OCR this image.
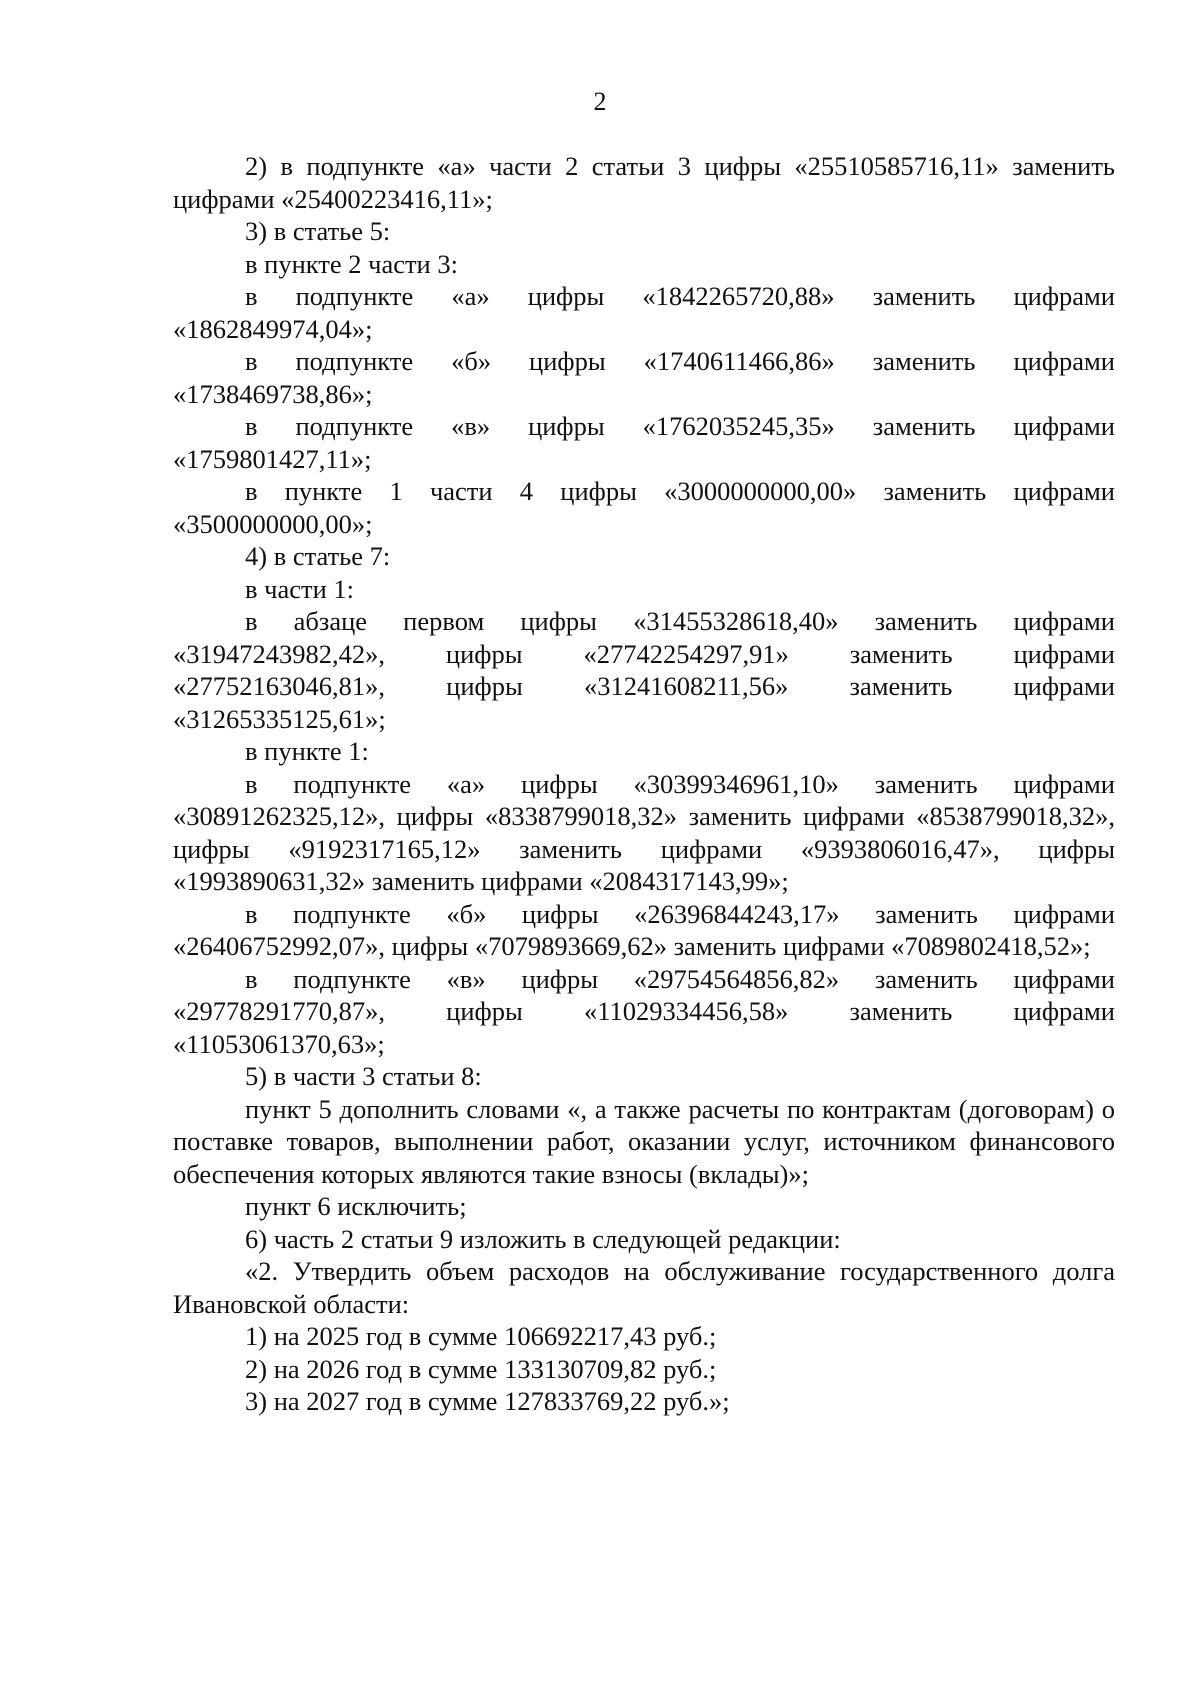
2

2) в подпункте «а» части 2 статьи 3 цифры «25510585716,11» заменить цифрами «25400223416,11»;

3) в статье 5:

в пункте 2 части 3:

в подпункте «а» цифры «1842265720,88» заменить цифрами «1862849974,04»;

в подпункте «б» цифры «1740611466,86» заменить цифрами «1738469738,86»;

в подпункте «в» цифры «1762035245,35» заменить цифрами «1759801427,11»;

в пункте 1 части 4 цифры «3000000000,00» заменить цифрами «3500000000,00»;

4) в статье 7:

в части 1:

в абзаце первом цифры «31455328618,40» заменить цифрами «31947243982,42», цифры «27742254297,91» заменить цифрами «27752163046,81», цифры «31241608211,56» заменить цифрами «31265335125,61»;

в пункте 1:

в подпункте «а» цифры «30399346961,10» заменить цифрами «30891262325,12», цифры «8338799018,32» заменить цифрами «8538799018,32», цифры «9192317165,12» заменить цифрами «9393806016,47», цифры «1993890631,32» заменить цифрами «2084317143,99»;

в подпункте «б» цифры «26396844243,17» заменить цифрами «26406752992,07», цифры «7079893669,62» заменить цифрами «7089802418,52»;

в подпункте «в» цифры «29754564856,82» заменить цифрами «29778291770,87», цифры «11029334456,58» заменить цифрами «11053061370,63»;

5) в части 3 статьи 8:

пункт 5 дополнить словами «, а также расчеты по контрактам (договорам) о поставке товаров, выполнении работ, оказании услуг, источником финансового обеспечения которых являются такие взносы (вклады)»;

пункт 6 исключить;

6) часть 2 статьи 9 изложить в следующей редакции:

«2. Утвердить объем расходов на обслуживание государственного долга Ивановской области:

1) на 2025 год в сумме 106692217,43 руб.;

2) на 2026 год в сумме 133130709,82 руб.;

3) на 2027 год в сумме 127833769,22 руб.»;
